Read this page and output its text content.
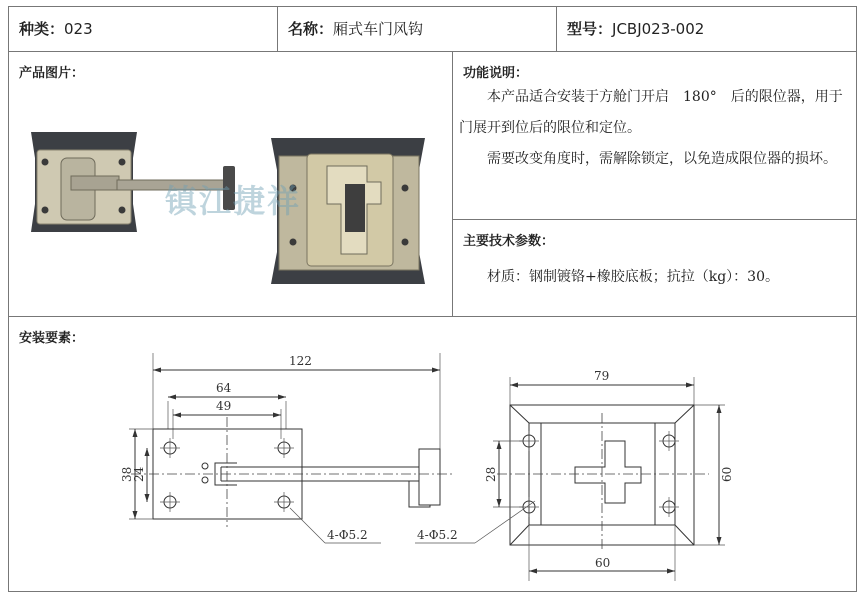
种类：023	名称：厢式车门风钩	型号：JCBJ023-002
产品图片：
镇江捷祥
功能说明：

本产品适合安装于方舱门开启　180°　后的限位器，用于门展开到位后的限位和定位。

需要改变角度时，需解除锁定，以免造成限位器的损坏。

主要技术参数：
材质：钢制镀铬+橡胶底板；抗拉（kg）：30。
安装要素：
122
64
49
38
24
4-Φ5.2
79
60
28
60
4-Φ5.2
